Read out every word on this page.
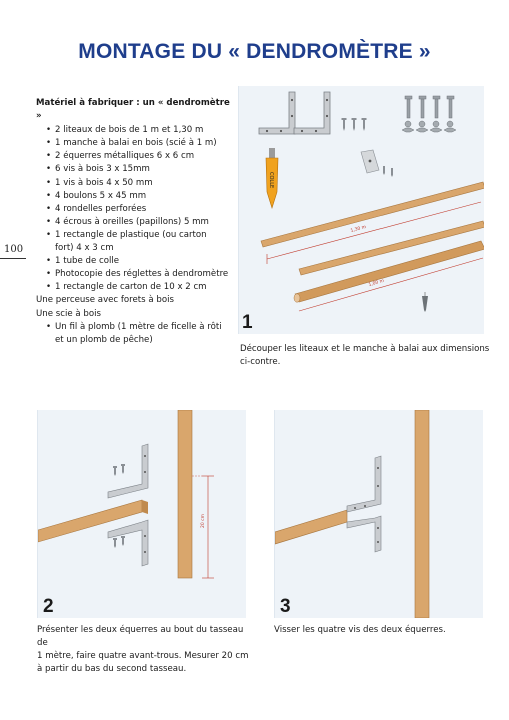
MONTAGE DU « DENDROMÈTRE »
100
Matériel à fabriquer : un « dendromètre »
• 2 liteaux de bois de 1 m et 1,30 m
• 1 manche à balai en bois (scié à 1 m)
• 2 équerres métalliques 6 x 6 cm
• 6 vis à bois 3 x 15mm
• 1 vis à bois 4 x 50 mm
• 4 boulons 5 x 45 mm
• 4 rondelles perforées
• 4 écrous à oreilles (papillons) 5 mm
• 1 rectangle de plastique (ou carton
fort) 4 x 3 cm
• 1 tube de colle
• Photocopie des réglettes à dendromètre
• 1 rectangle de carton de 10 x 2 cm
Une perceuse avec forets à bois
Une scie à bois
• Un fil à plomb (1 mètre de ficelle à rôti
et un plomb de pêche)
COLLE
1,30 m
1,00 m
1
Découper les liteaux et le manche à balai aux dimensions
ci-contre.
20 cm
2
Présenter les deux équerres au bout du tasseau de
1 mètre, faire quatre avant-trous. Mesurer 20 cm
à partir du bas du second tasseau.
3
Visser les quatre vis des deux équerres.
